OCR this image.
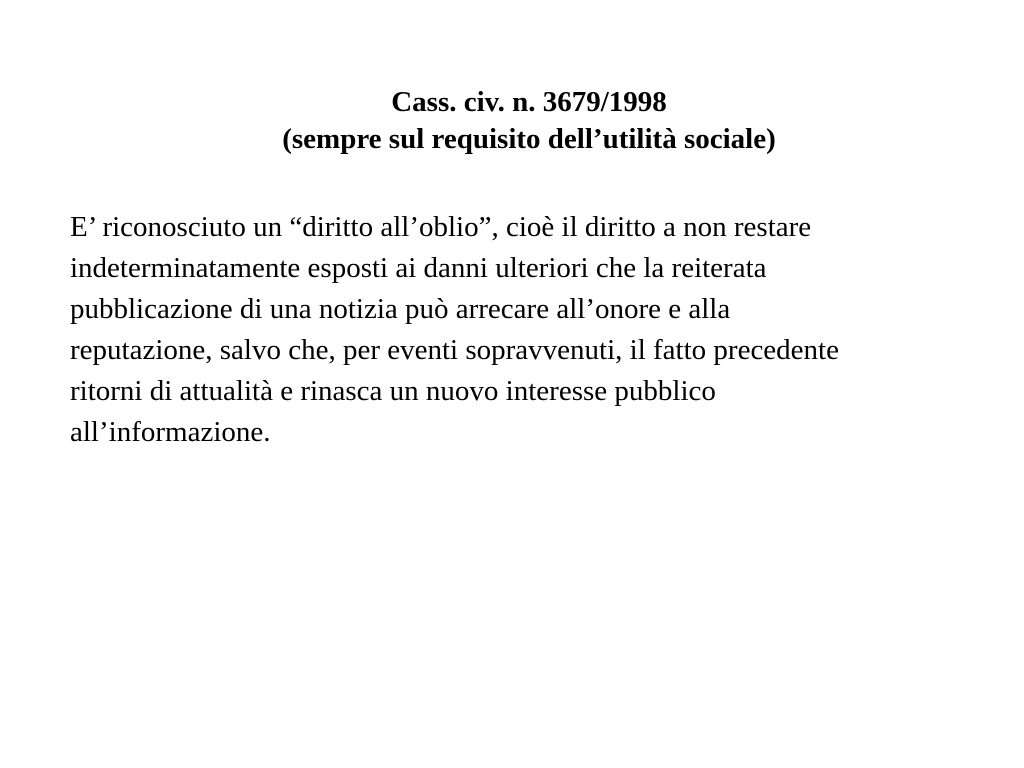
Cass. civ. n. 3679/1998
(sempre sul requisito dell’utilità sociale)
E’ riconosciuto un “diritto all’oblio”, cioè il diritto a non restare
indeterminatamente esposti ai danni ulteriori che la reiterata
pubblicazione di una notizia può arrecare all’onore e alla
reputazione, salvo che, per eventi sopravvenuti, il fatto precedente
ritorni di attualità e rinasca un nuovo interesse pubblico
all’informazione.
